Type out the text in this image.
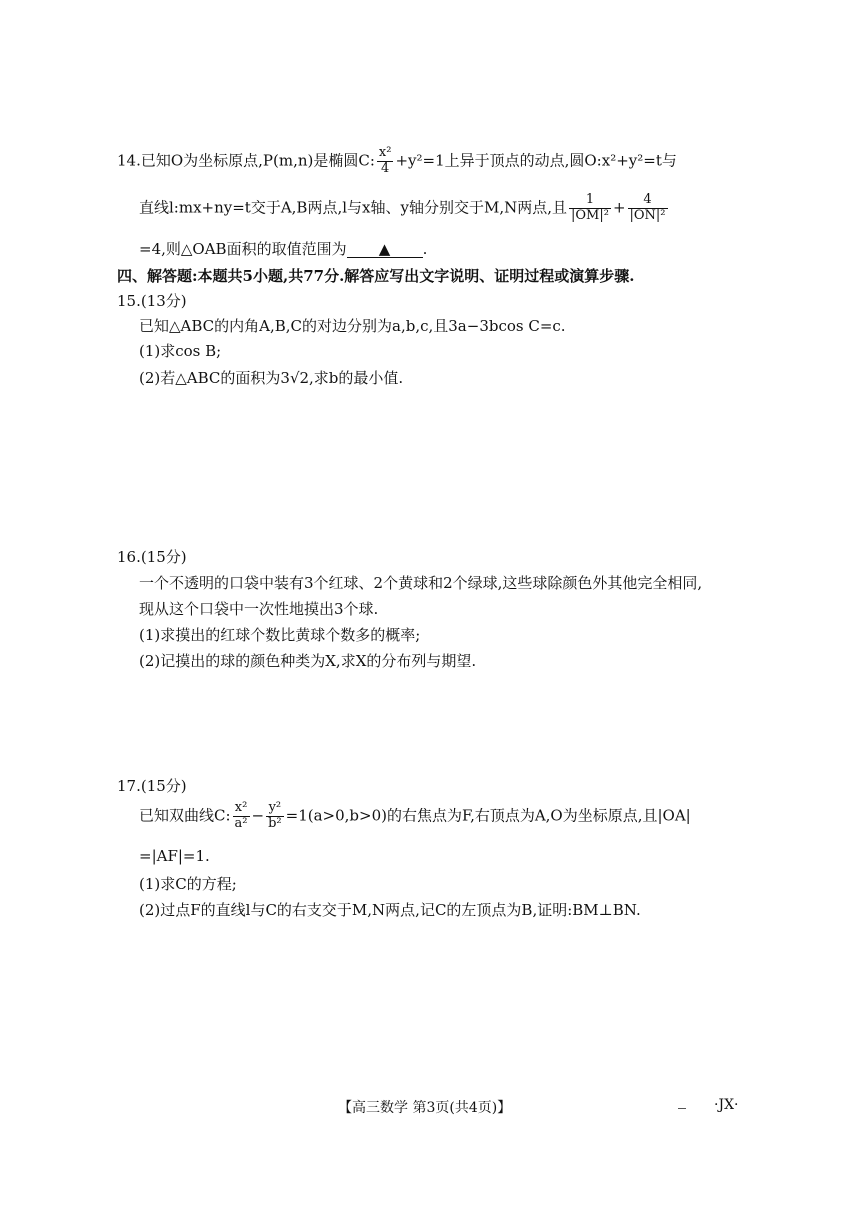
14.已知O为坐标原点,P(m,n)是椭圆C: $\frac{\text{x²}}{4} +y^2=1$上异于顶点的动点,圆O:x²+y²=t与
直线l:mx+ny=t交于A,B两点,l与x轴、y轴分别交于M,N两点,且 $\frac{1}{\text{|OM|²}} + \frac{4}{\text{|ON|²}}$
=4,则△OAB面积的取值范围为 ▲ .
四、解答题:本题共5小题,共77分.解答应写出文字说明、证明过程或演算步骤.
15.(13分)
已知△ABC的内角A,B,C的对边分别为a,b,c,且3a−3bcos C=c.
(1)求cos B;
(2)若△ABC的面积为3√2,求b的最小值.
16.(15分)
一个不透明的口袋中装有3个红球、2个黄球和2个绿球,这些球除颜色外其他完全相同,
现从这个口袋中一次性地摸出3个球.
(1)求摸出的红球个数比黄球个数多的概率;
(2)记摸出的球的颜色种类为X,求X的分布列与期望.
17.(15分)
已知双曲线C: $\frac{\text{x²}}{\text{a²}} - \frac{\text{y²}}{\text{b²}} =1(a>0,b>0)$的右焦点为F,右顶点为A,O为坐标原点,且|OA|
=|AF|=1.
(1)求C的方程;
(2)过点F的直线l与C的右支交于M,N两点,记C的左顶点为B,证明:BM⊥BN.
【高三数学 第3页(共4页)】	·JX·
